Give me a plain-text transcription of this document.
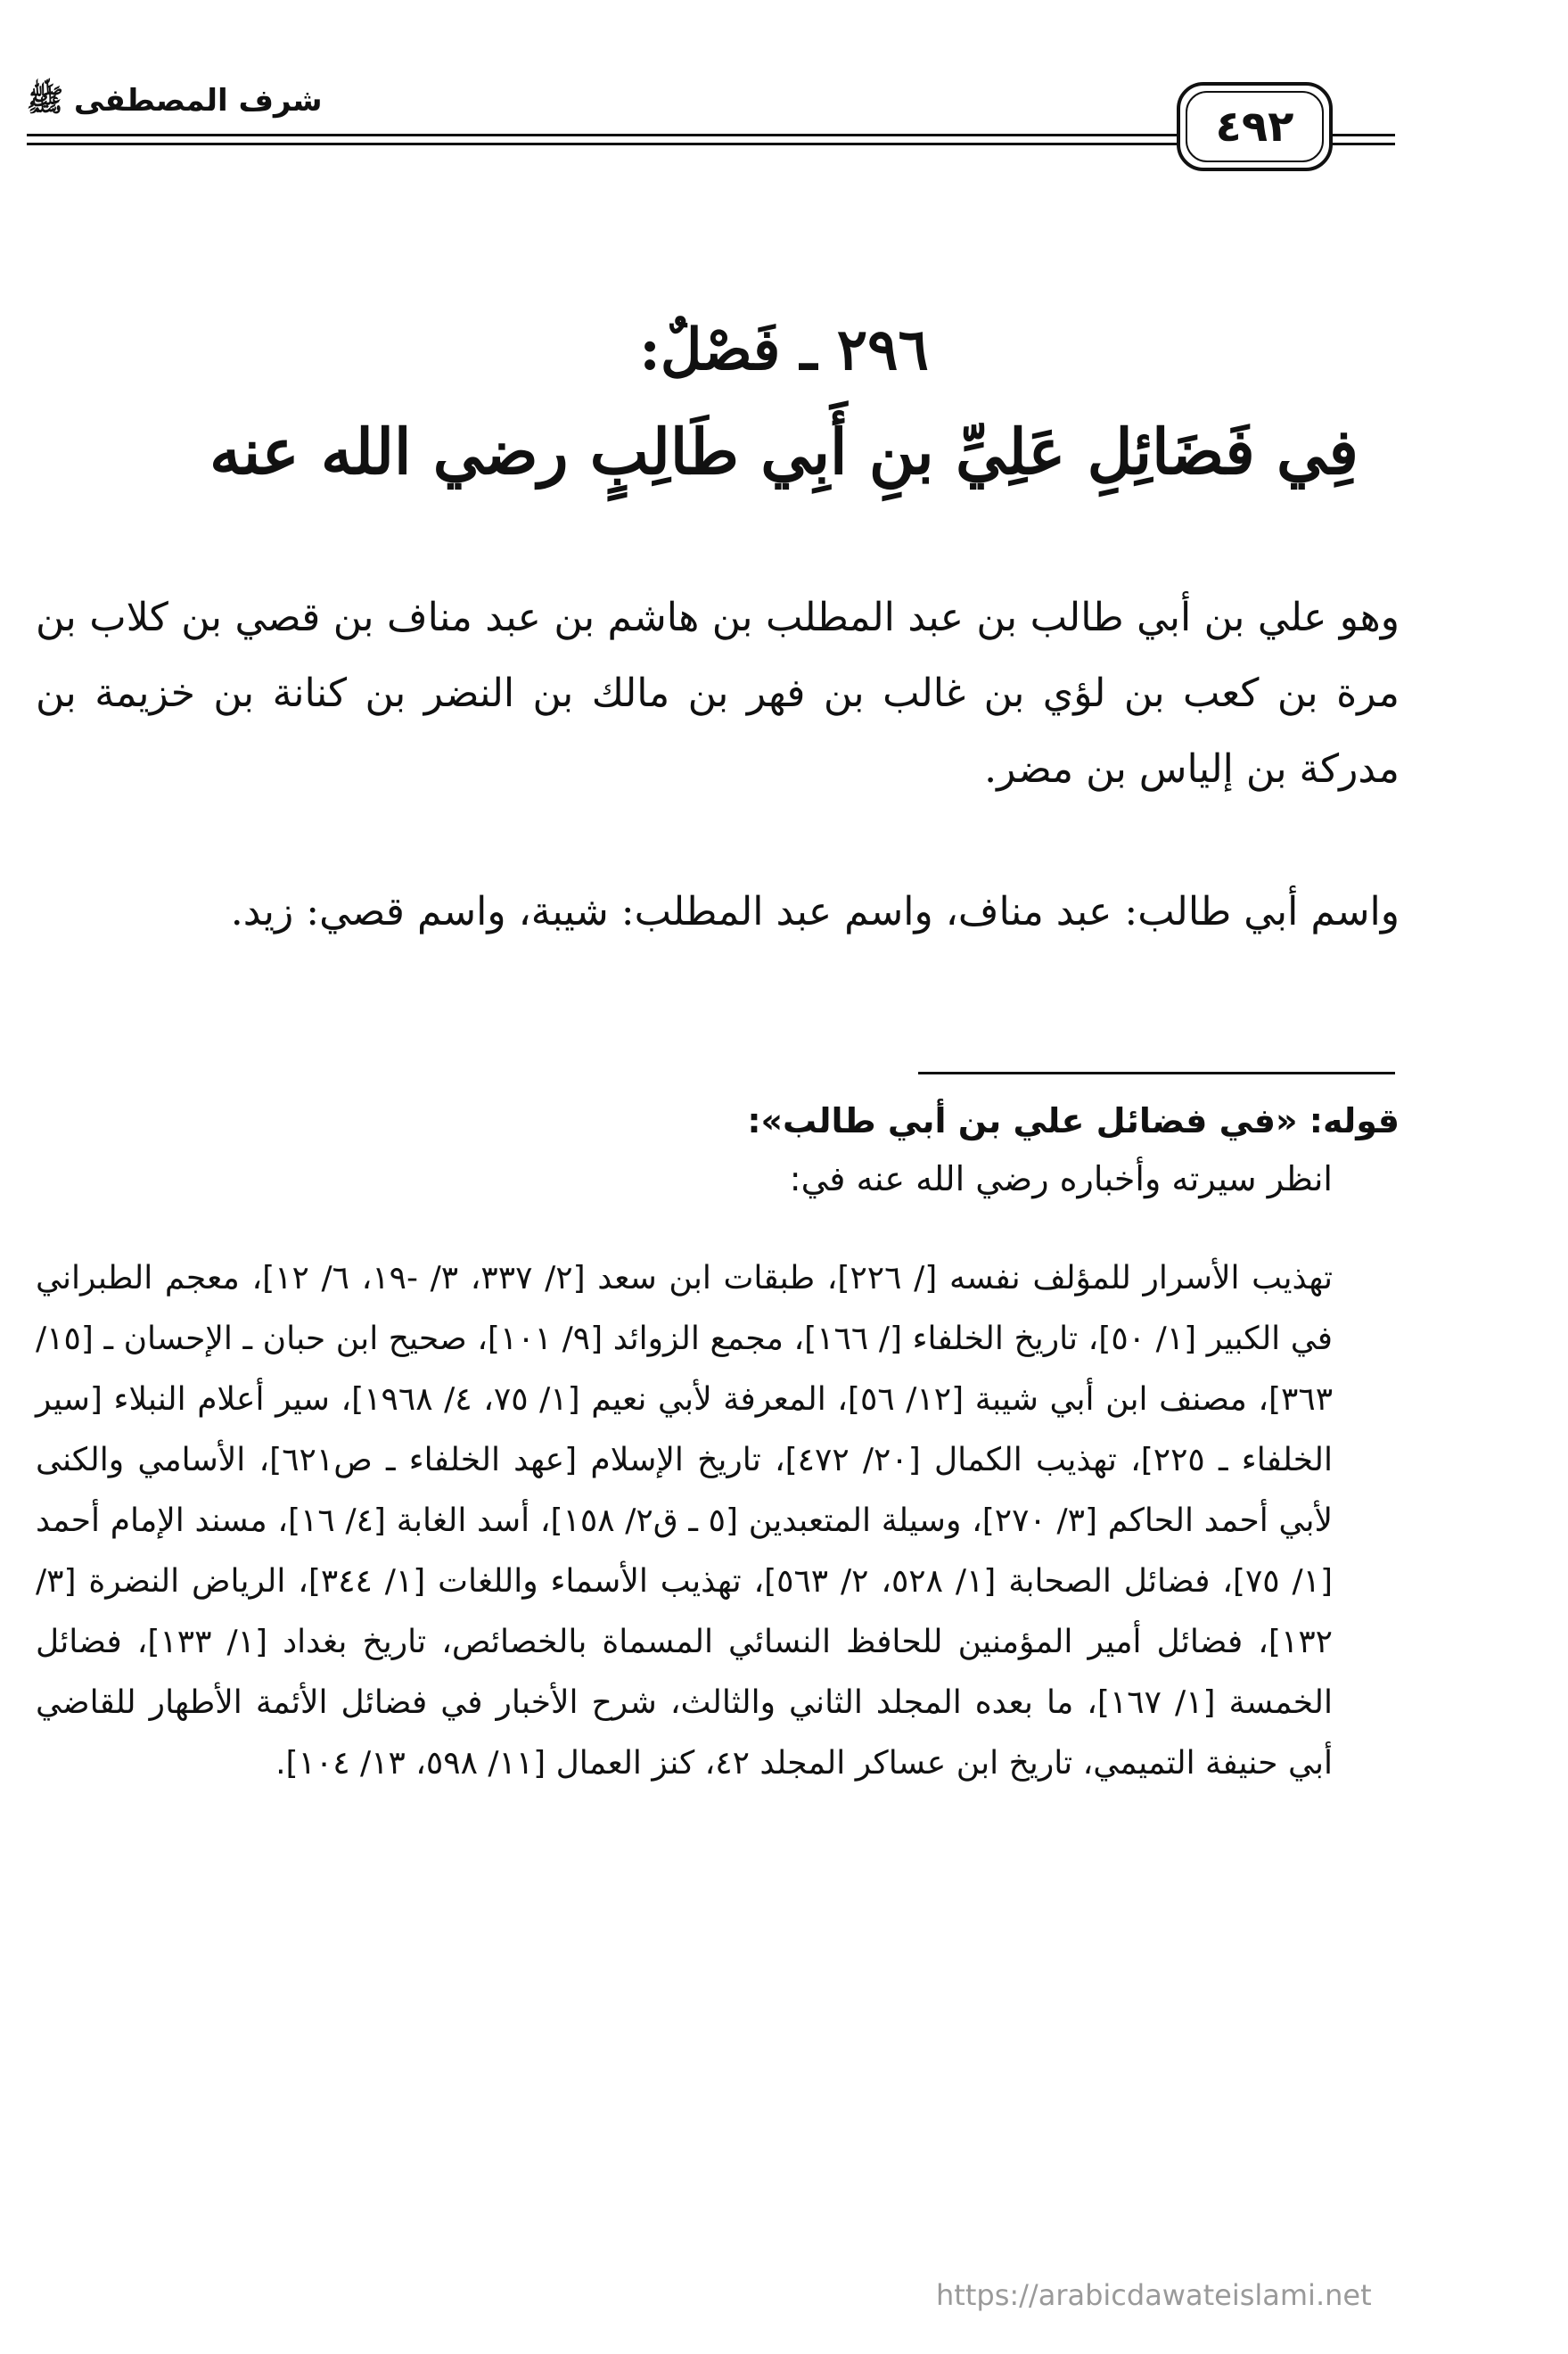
شرف المصطفى ﷺ
٤٩٢
٢٩٦ ـ فَصْلٌ:
فِي فَضَائِلِ عَلِيِّ بنِ أَبِي طَالِبٍ رضي الله عنه
وهو علي بن أبي طالب بن عبد المطلب بن هاشم بن عبد مناف بن قصي بن كلاب بن مرة بن كعب بن لؤي بن غالب بن فهر بن مالك بن النضر بن كنانة بن خزيمة بن مدركة بن إلياس بن مضر.
واسم أبي طالب: عبد مناف، واسم عبد المطلب: شيبة، واسم قصي: زيد.
قوله: «في فضائل علي بن أبي طالب»:
انظر سيرته وأخباره رضي الله عنه في:
تهذيب الأسرار للمؤلف نفسه [/ ٢٢٦]، طبقات ابن سعد [٢/ ٣٣٧، ٣/ -١٩، ٦/ ١٢]، معجم الطبراني في الكبير [١/ ٥٠]، تاريخ الخلفاء [/ ١٦٦]، مجمع الزوائد [٩/ ١٠١]، صحيح ابن حبان ـ الإحسان ـ [١٥/ ٣٦٣]، مصنف ابن أبي شيبة [١٢/ ٥٦]، المعرفة لأبي نعيم [١/ ٧٥، ٤/ ١٩٦٨]، سير أعلام النبلاء [سير الخلفاء ـ ٢٢٥]، تهذيب الكمال [٢٠/ ٤٧٢]، تاريخ الإسلام [عهد الخلفاء ـ ص٦٢١]، الأسامي والكنى لأبي أحمد الحاكم [٣/ ٢٧٠]، وسيلة المتعبدين [٥ ـ ق٢/ ١٥٨]، أسد الغابة [٤/ ١٦]، مسند الإمام أحمد [١/ ٧٥]، فضائل الصحابة [١/ ٥٢٨، ٢/ ٥٦٣]، تهذيب الأسماء واللغات [١/ ٣٤٤]، الرياض النضرة [٣/ ١٣٢]، فضائل أمير المؤمنين للحافظ النسائي المسماة بالخصائص، تاريخ بغداد [١/ ١٣٣]، فضائل الخمسة [١/ ١٦٧]، ما بعده المجلد الثاني والثالث، شرح الأخبار في فضائل الأئمة الأطهار للقاضي أبي حنيفة التميمي، تاريخ ابن عساكر المجلد ٤٢، كنز العمال [١١/ ٥٩٨، ١٣/ ١٠٤].
https://arabicdawateislami.net
